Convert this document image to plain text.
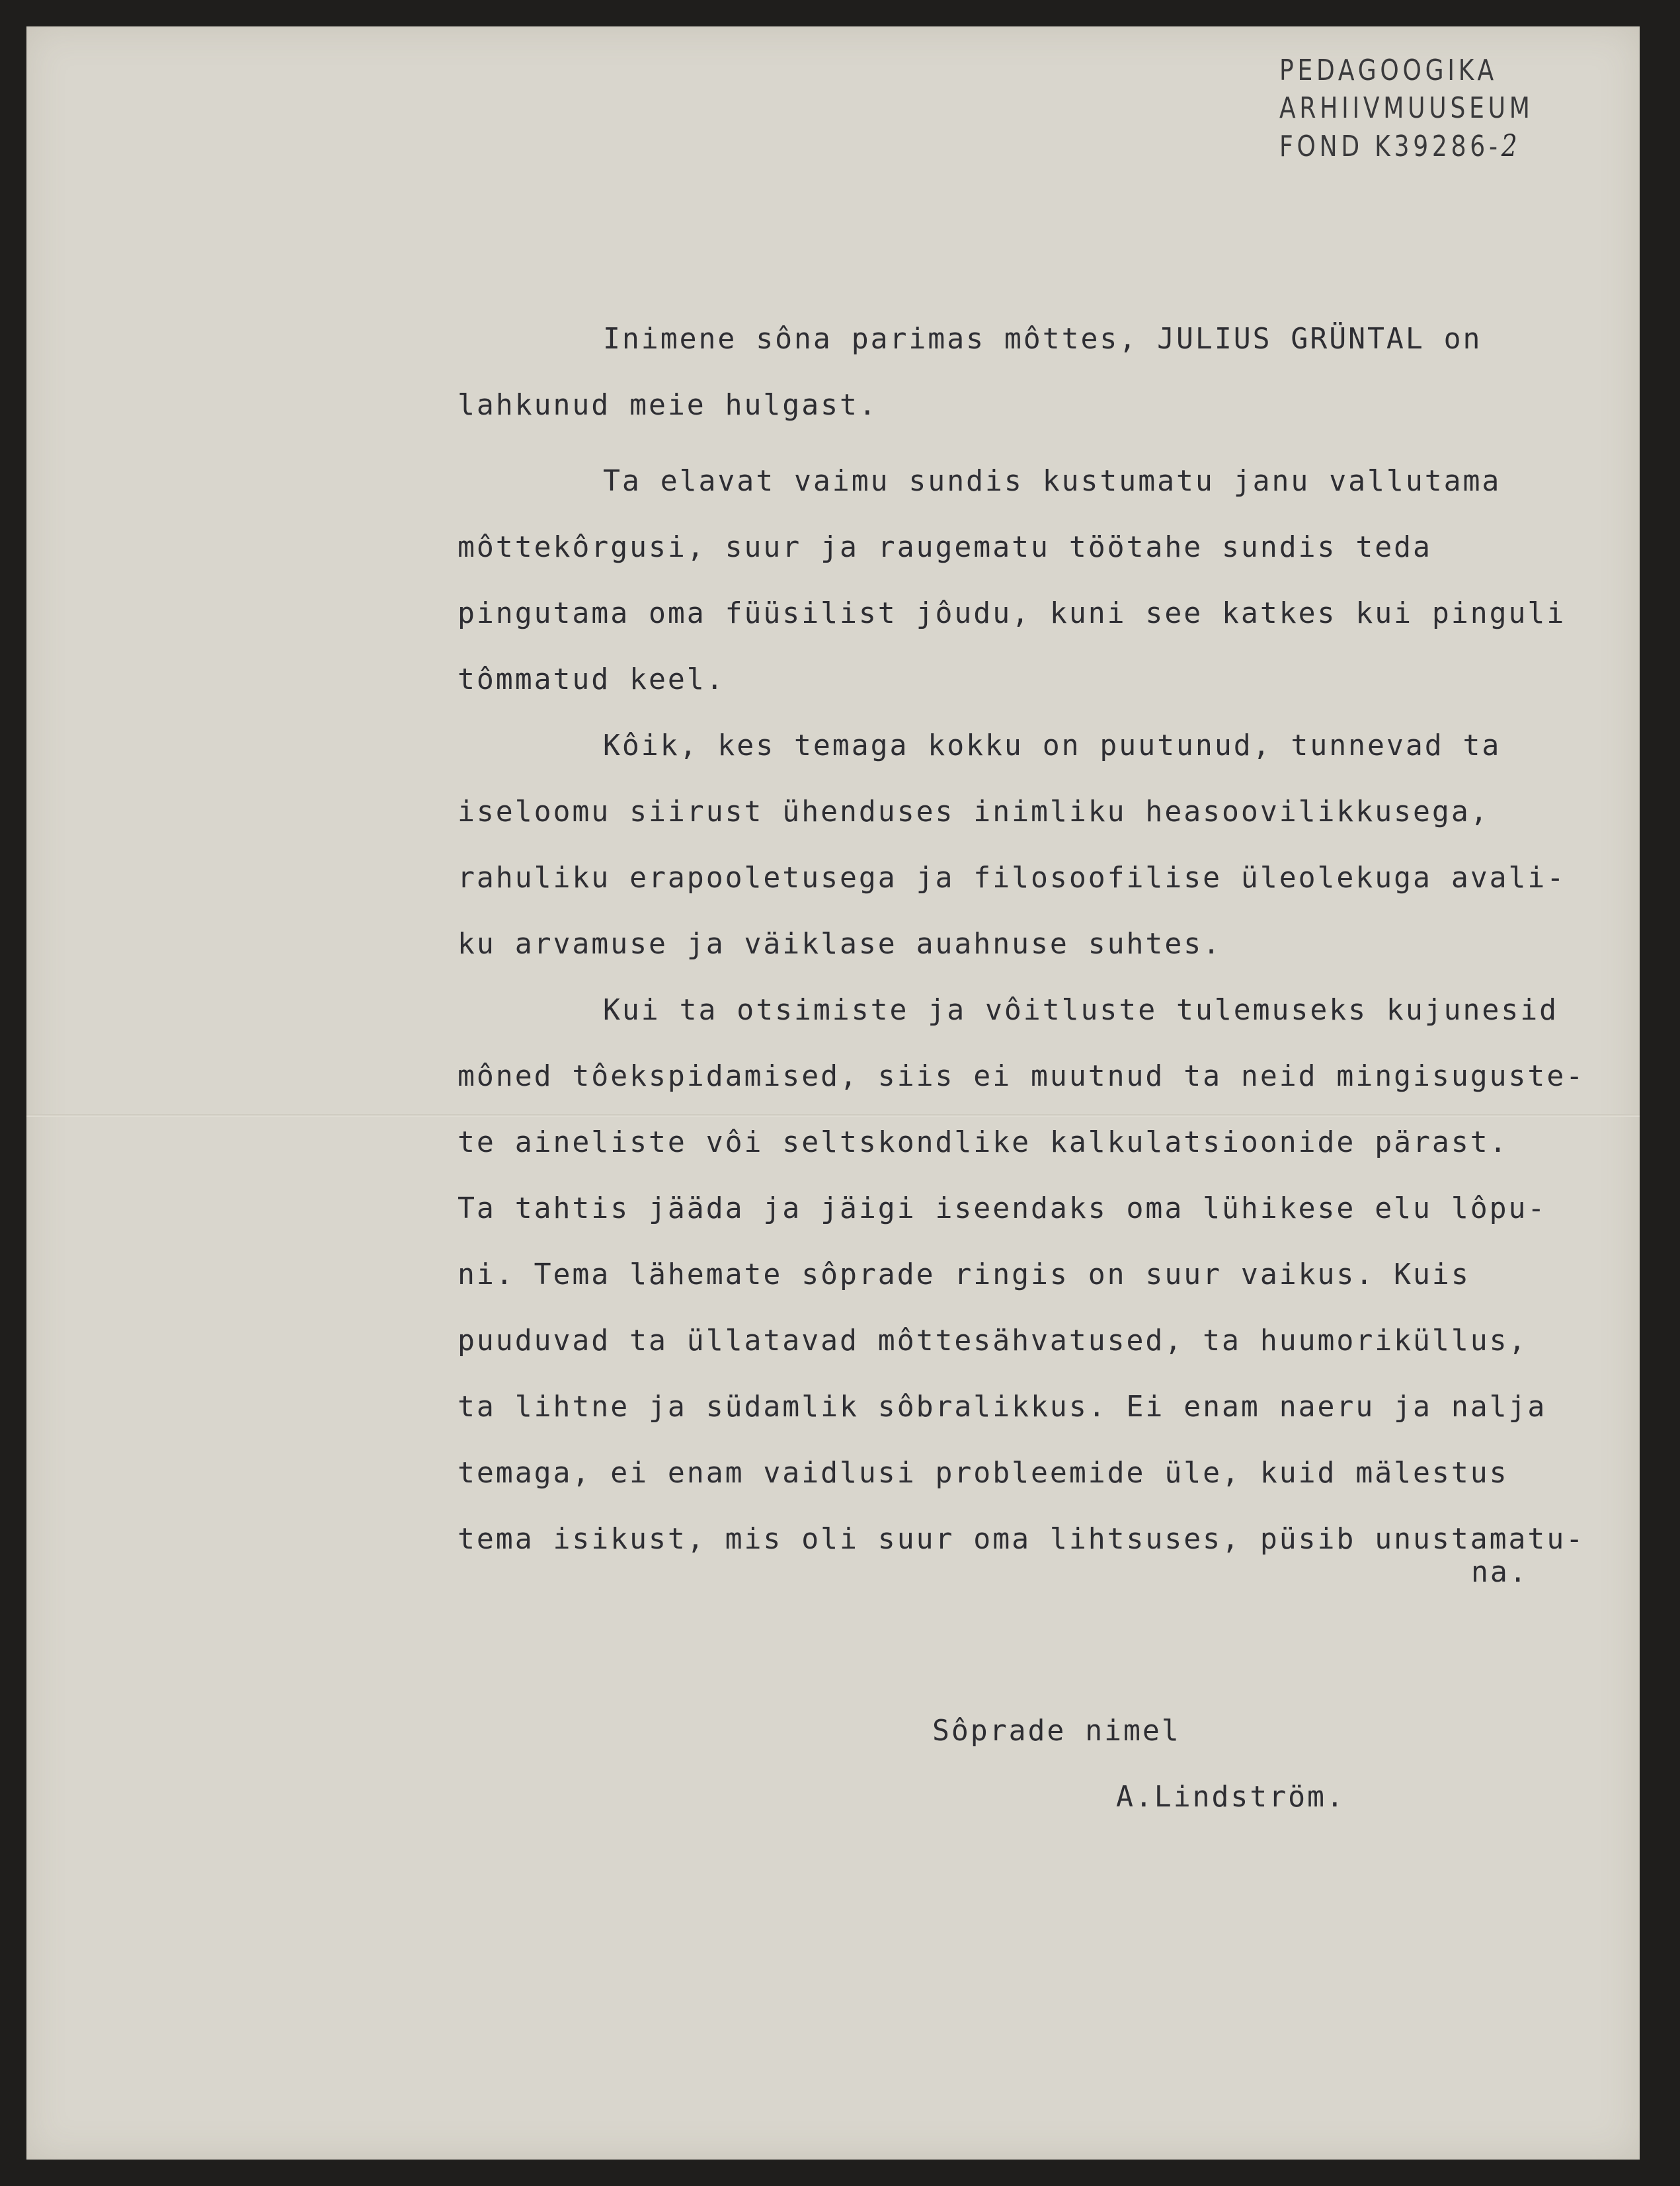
PEDAGOOGIKA
ARHIIVMUUSEUM
FOND K39286-2
Inimene sôna parimas môttes, JULIUS GRÜNTAL on
lahkunud meie hulgast.
Ta elavat vaimu sundis kustumatu janu vallutama
môttekôrgusi, suur ja raugematu töötahe sundis teda
pingutama oma füüsilist jôudu, kuni see katkes kui pinguli
tômmatud keel.
Kôik, kes temaga kokku on puutunud, tunnevad ta
iseloomu siirust ühenduses inimliku heasoovilikkusega,
rahuliku erapooletusega ja filosoofilise üleolekuga avali-
ku arvamuse ja väiklase auahnuse suhtes.
Kui ta otsimiste ja vôitluste tulemuseks kujunesid
môned tôekspidamised, siis ei muutnud ta neid mingisuguste-
te aineliste vôi seltskondlike kalkulatsioonide pärast.
Ta tahtis jääda ja jäigi iseendaks oma lühikese elu lôpu-
ni. Tema lähemate sôprade ringis on suur vaikus. Kuis
puuduvad ta üllatavad môttesähvatused, ta huumoriküllus,
ta lihtne ja südamlik sôbralikkus. Ei enam naeru ja nalja
temaga, ei enam vaidlusi probleemide üle, kuid mälestus
tema isikust, mis oli suur oma lihtsuses, püsib unustamatu-
na.
Sôprade nimel
A.Lindström.
